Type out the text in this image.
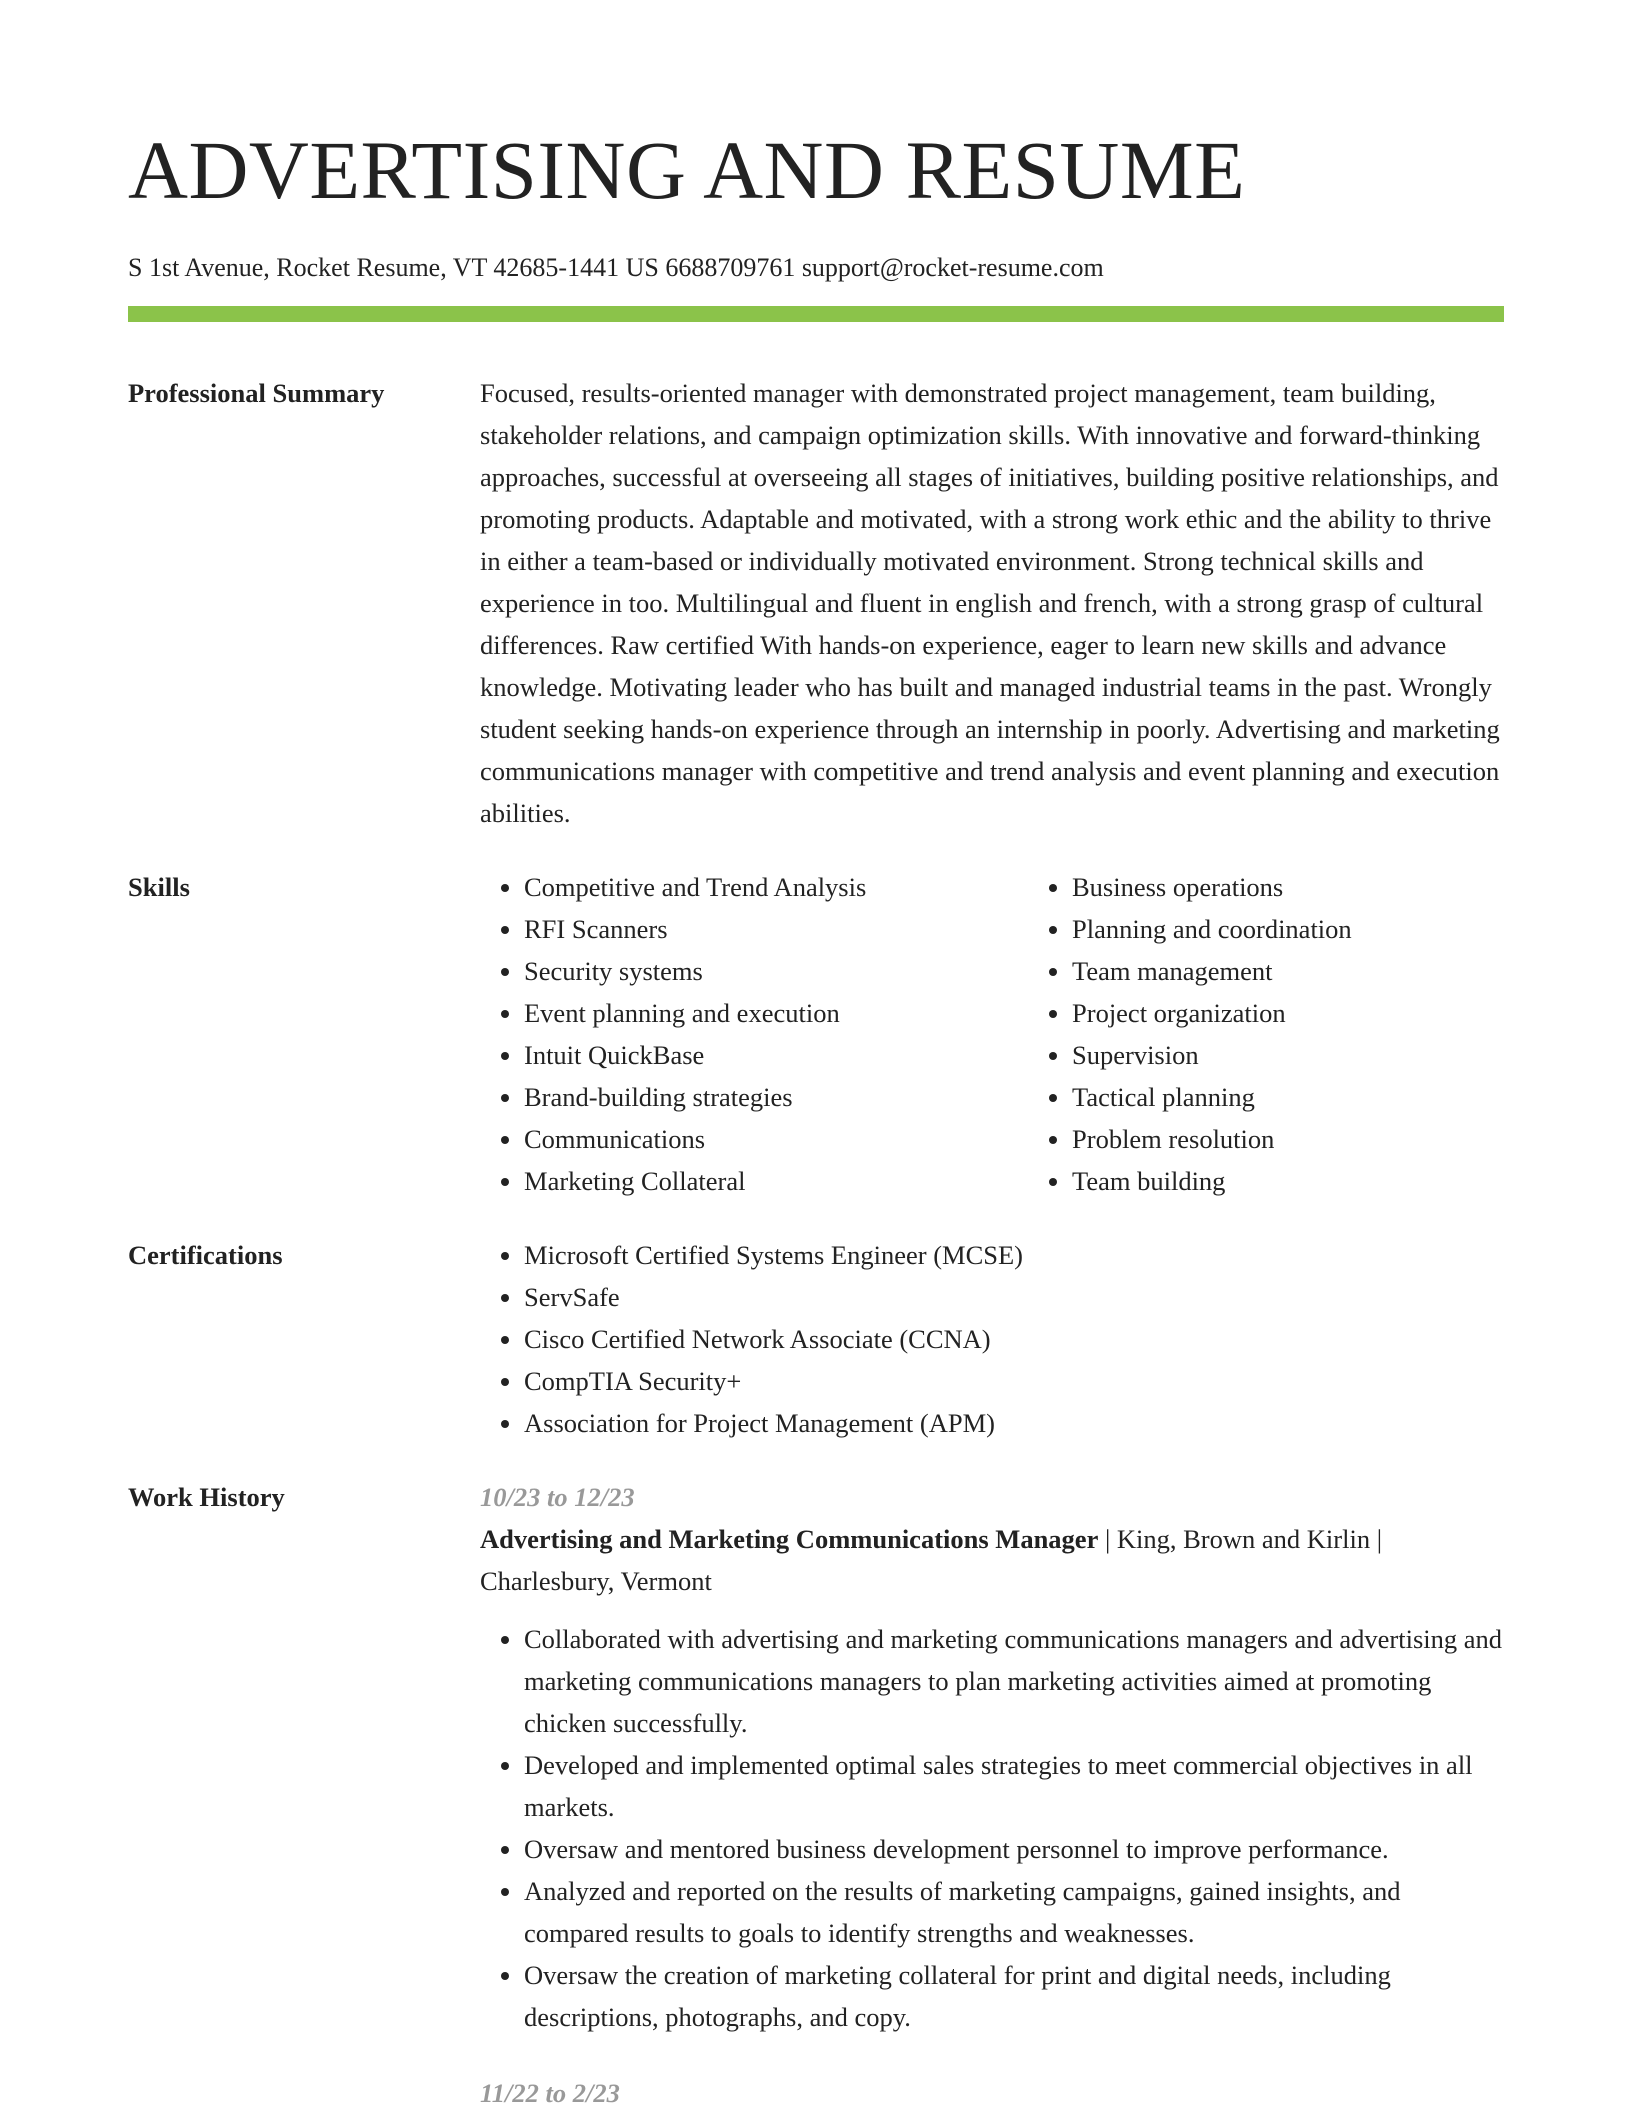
ADVERTISING AND RESUME
S 1st Avenue, Rocket Resume, VT 42685-1441 US 6688709761 support@rocket-resume.com
Professional Summary	Focused, results-oriented manager with demonstrated project management, team building, stakeholder relations, and campaign optimization skills. With innovative and forward-thinking approaches, successful at overseeing all stages of initiatives, building positive relationships, and promoting products. Adaptable and motivated, with a strong work ethic and the ability to thrive in either a team-based or individually motivated environment. Strong technical skills and experience in too. Multilingual and fluent in english and french, with a strong grasp of cultural differences. Raw certified With hands-on experience, eager to learn new skills and advance knowledge. Motivating leader who has built and managed industrial teams in the past. Wrongly student seeking hands-on experience through an internship in poorly. Advertising and marketing communications manager with competitive and trend analysis and event planning and execution abilities.
Skills	• Competitive and Trend Analysis
• RFI Scanners
• Security systems
• Event planning and execution
• Intuit QuickBase
• Brand-building strategies
• Communications
• Marketing Collateral
• Business operations
• Planning and coordination
• Team management
• Project organization
• Supervision
• Tactical planning
• Problem resolution
• Team building
Certifications	• Microsoft Certified Systems Engineer (MCSE)
• ServSafe
• Cisco Certified Network Associate (CCNA)
• CompTIA Security+
• Association for Project Management (APM)
Work History	10/23 to 12/23
Advertising and Marketing Communications Manager | King, Brown and Kirlin | Charlesbury, Vermont
• Collaborated with advertising and marketing communications managers and advertising and marketing communications managers to plan marketing activities aimed at promoting chicken successfully.
• Developed and implemented optimal sales strategies to meet commercial objectives in all markets.
• Oversaw and mentored business development personnel to improve performance.
• Analyzed and reported on the results of marketing campaigns, gained insights, and compared results to goals to identify strengths and weaknesses.
• Oversaw the creation of marketing collateral for print and digital needs, including descriptions, photographs, and copy.
11/22 to 2/23
